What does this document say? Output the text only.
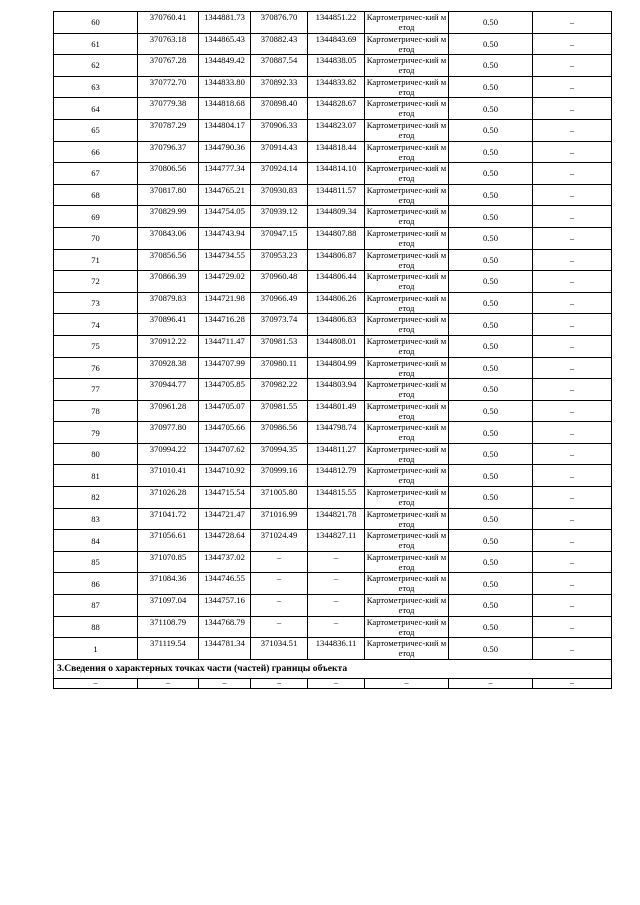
60	370760.41	1344881.73	370876.70	1344851.22	Картометричес-кий метод	0.50	–
61	370763.18	1344865.43	370882.43	1344843.69	Картометричес-кий метод	0.50	–
62	370767.28	1344849.42	370887.54	1344838.05	Картометричес-кий метод	0.50	–
63	370772.70	1344833.80	370892.33	1344833.82	Картометричес-кий метод	0.50	–
64	370779.38	1344818.68	370898.40	1344828.67	Картометричес-кий метод	0.50	–
65	370787.29	1344804.17	370906.33	1344823.07	Картометричес-кий метод	0.50	–
66	370796.37	1344790.36	370914.43	1344818.44	Картометричес-кий метод	0.50	–
67	370806.56	1344777.34	370924.14	1344814.10	Картометричес-кий метод	0.50	–
68	370817.80	1344765.21	370930.83	1344811.57	Картометричес-кий метод	0.50	–
69	370829.99	1344754.05	370939.12	1344809.34	Картометричес-кий метод	0.50	–
70	370843.06	1344743.94	370947.15	1344807.88	Картометричес-кий метод	0.50	–
71	370856.56	1344734.55	370953.23	1344806.87	Картометричес-кий метод	0.50	–
72	370866.39	1344729.02	370960.48	1344806.44	Картометричес-кий метод	0.50	–
73	370879.83	1344721.98	370966.49	1344806.26	Картометричес-кий метод	0.50	–
74	370896.41	1344716.28	370973.74	1344806.83	Картометричес-кий метод	0.50	–
75	370912.22	1344711.47	370981.53	1344808.01	Картометричес-кий метод	0.50	–
76	370928.38	1344707.99	370980.11	1344804.99	Картометричес-кий метод	0.50	–
77	370944.77	1344705.85	370982.22	1344803.94	Картометричес-кий метод	0.50	–
78	370961.28	1344705.07	370981.55	1344801.49	Картометричес-кий метод	0.50	–
79	370977.80	1344705.66	370986.56	1344798.74	Картометричес-кий метод	0.50	–
80	370994.22	1344707.62	370994.35	1344811.27	Картометричес-кий метод	0.50	–
81	371010.41	1344710.92	370999.16	1344812.79	Картометричес-кий метод	0.50	–
82	371026.28	1344715.54	371005.80	1344815.55	Картометричес-кий метод	0.50	–
83	371041.72	1344721.47	371016.99	1344821.78	Картометричес-кий метод	0.50	–
84	371056.61	1344728.64	371024.49	1344827.11	Картометричес-кий метод	0.50	–
85	371070.85	1344737.02	–	–	Картометричес-кий метод	0.50	–
86	371084.36	1344746.55	–	–	Картометричес-кий метод	0.50	–
87	371097.04	1344757.16	–	–	Картометричес-кий метод	0.50	–
88	371108.79	1344768.79	–	–	Картометричес-кий метод	0.50	–
1	371119.54	1344781.34	371034.51	1344836.11	Картометричес-кий метод	0.50	–
3.Сведения о характерных точках части (частей) границы объекта							
–	–	–	–	–	–	–	–
